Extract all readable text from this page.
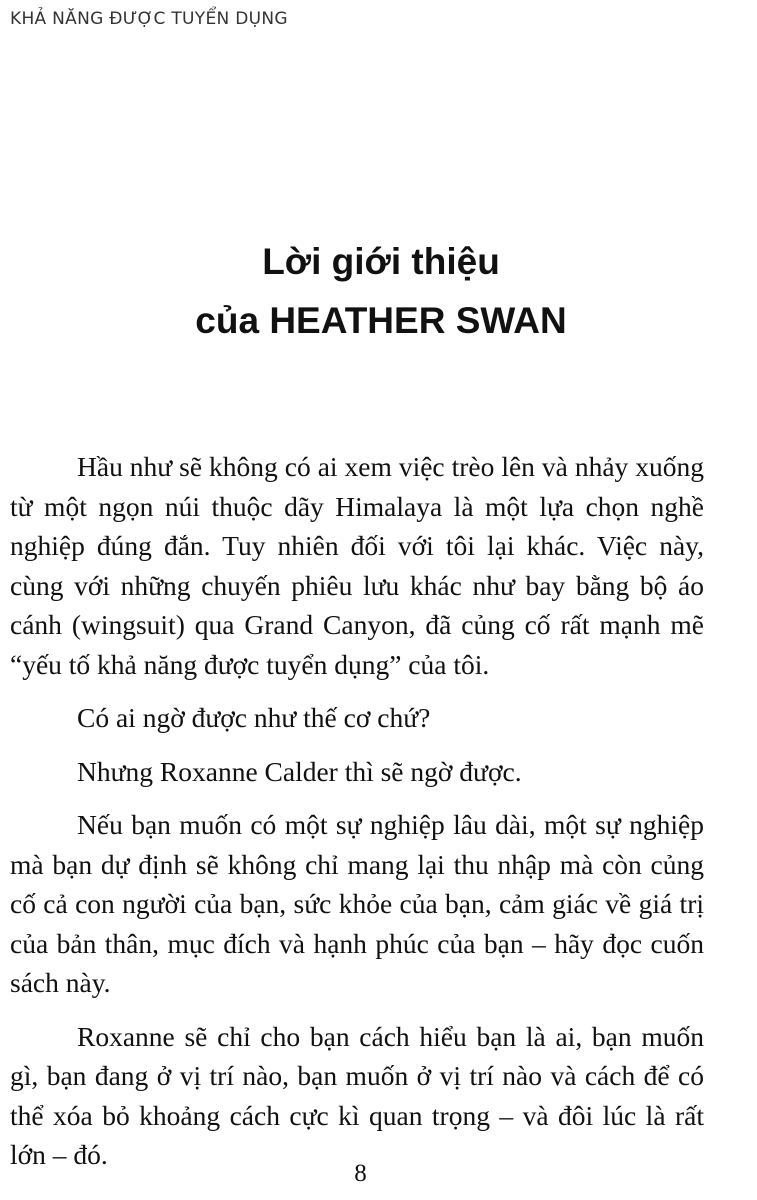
KHẢ NĂNG ĐƯỢC TUYỂN DỤNG
Lời giới thiệu
của HEATHER SWAN

Hầu như sẽ không có ai xem việc trèo lên và nhảy xuống từ một ngọn núi thuộc dãy Himalaya là một lựa chọn nghề nghiệp đúng đắn. Tuy nhiên đối với tôi lại khác. Việc này, cùng với những chuyến phiêu lưu khác như bay bằng bộ áo cánh (wingsuit) qua Grand Canyon, đã củng cố rất mạnh mẽ “yếu tố khả năng được tuyển dụng” của tôi.

Có ai ngờ được như thế cơ chứ?

Nhưng Roxanne Calder thì sẽ ngờ được.

Nếu bạn muốn có một sự nghiệp lâu dài, một sự nghiệp mà bạn dự định sẽ không chỉ mang lại thu nhập mà còn củng cố cả con người của bạn, sức khỏe của bạn, cảm giác về giá trị của bản thân, mục đích và hạnh phúc của bạn – hãy đọc cuốn sách này.

Roxanne sẽ chỉ cho bạn cách hiểu bạn là ai, bạn muốn gì, bạn đang ở vị trí nào, bạn muốn ở vị trí nào và cách để có thể xóa bỏ khoảng cách cực kì quan trọng – và đôi lúc là rất lớn – đó.

8
